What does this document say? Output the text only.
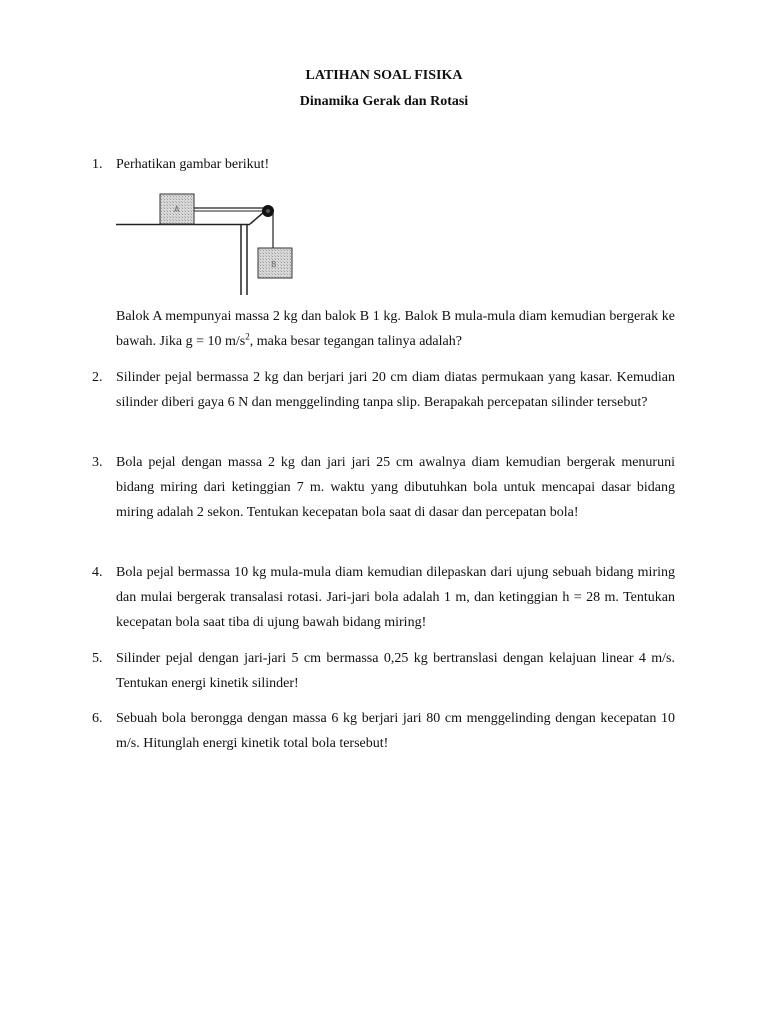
LATIHAN SOAL FISIKA
Dinamika Gerak dan Rotasi
1. Perhatikan gambar berikut!
A
B
Balok A mempunyai massa 2 kg dan balok B 1 kg. Balok B mula-mula diam kemudian bergerak ke bawah. Jika g = 10 $m/s^2$, maka besar tegangan talinya adalah?
2. Silinder pejal bermassa 2 kg dan berjari jari 20 cm diam diatas permukaan yang kasar. Kemudian silinder diberi gaya 6 N dan menggelinding tanpa slip. Berapakah percepatan silinder tersebut?
3. Bola pejal dengan massa 2 kg dan jari jari 25 cm awalnya diam kemudian bergerak menuruni bidang miring dari ketinggian 7 m. waktu yang dibutuhkan bola untuk mencapai dasar bidang miring adalah 2 sekon. Tentukan kecepatan bola saat di dasar dan percepatan bola!
4. Bola pejal bermassa 10 kg mula-mula diam kemudian dilepaskan dari ujung sebuah bidang miring dan mulai bergerak transalasi rotasi. Jari-jari bola adalah 1 m, dan ketinggian h = 28 m. Tentukan kecepatan bola saat tiba di ujung bawah bidang miring!
5. Silinder pejal dengan jari-jari 5 cm bermassa 0,25 kg bertranslasi dengan kelajuan linear 4 m/s. Tentukan energi kinetik silinder!
6. Sebuah bola berongga dengan massa 6 kg berjari jari 80 cm menggelinding dengan kecepatan 10 m/s. Hitunglah energi kinetik total bola tersebut!
